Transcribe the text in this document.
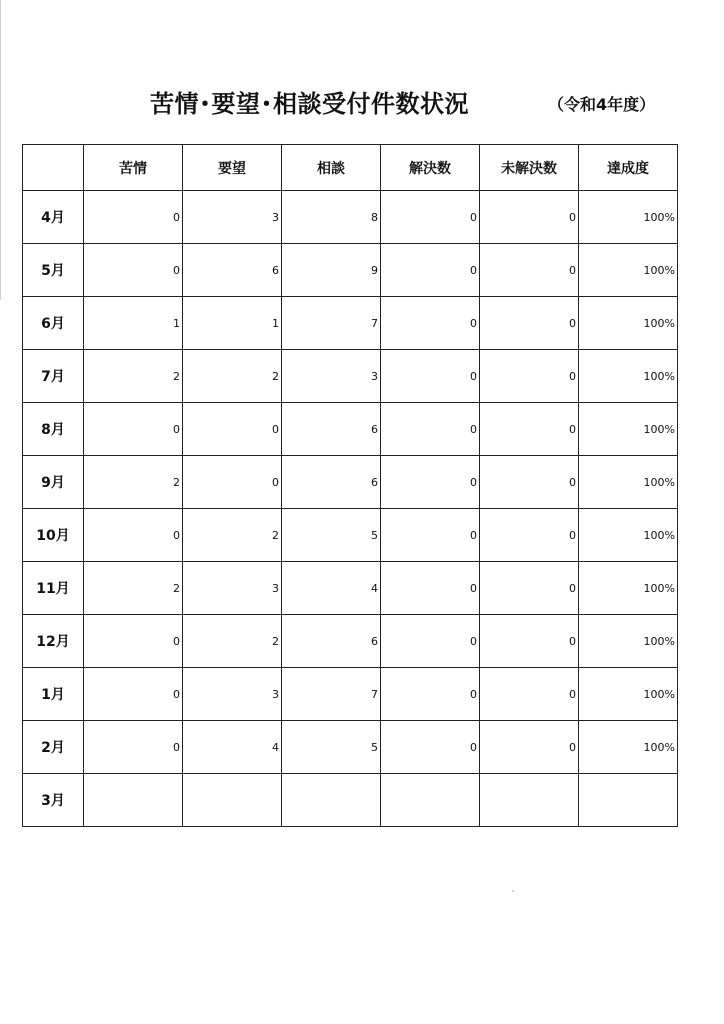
苦情･要望･相談受付件数状況	（令和4年度）
	苦情	要望	相談	解決数	未解決数	達成度
4月	0	3	8	0	0	100%
5月	0	6	9	0	0	100%
6月	1	1	7	0	0	100%
7月	2	2	3	0	0	100%
8月	0	0	6	0	0	100%
9月	2	0	6	0	0	100%
10月	0	2	5	0	0	100%
11月	2	3	4	0	0	100%
12月	0	2	6	0	0	100%
1月	0	3	7	0	0	100%
2月	0	4	5	0	0	100%
3月						
